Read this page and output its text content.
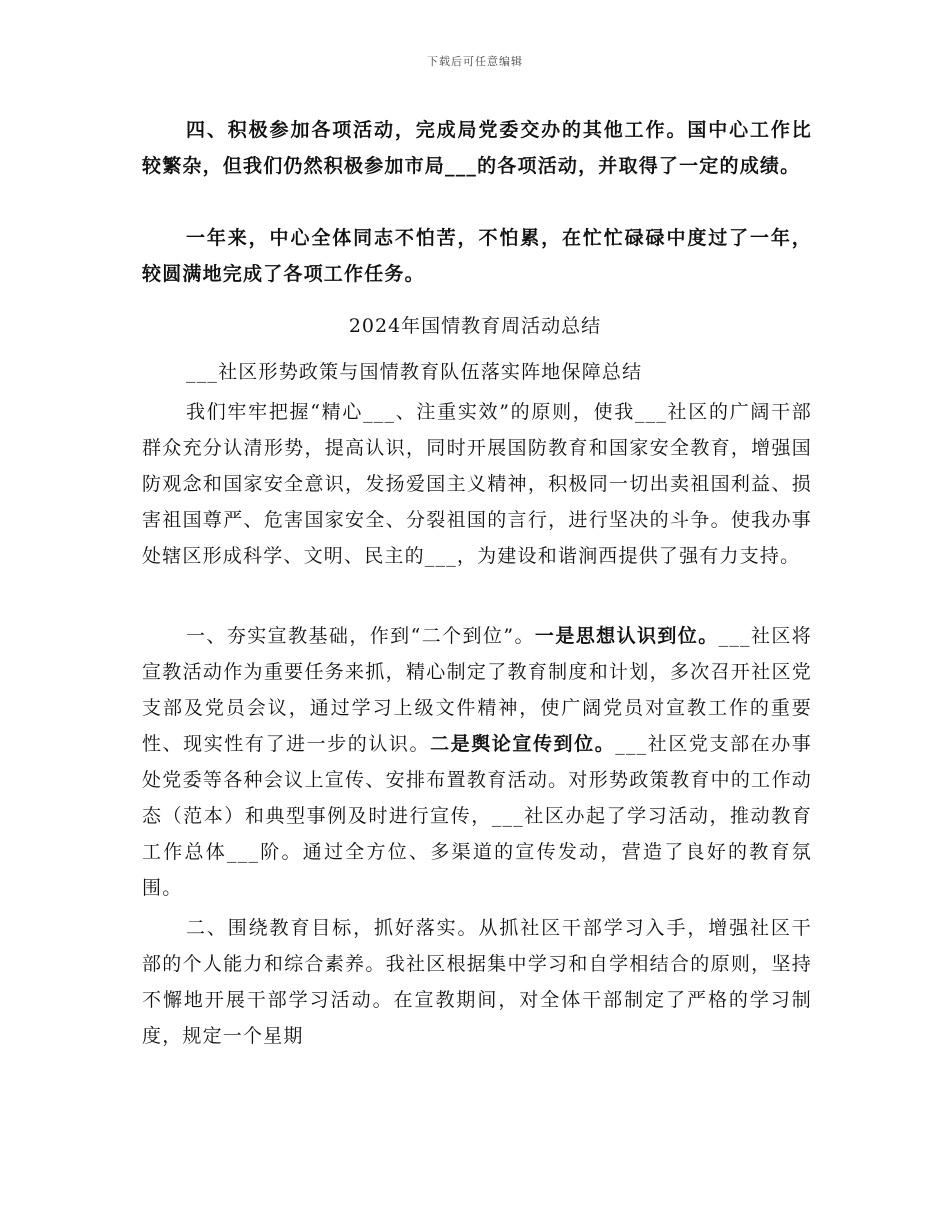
下载后可任意编辑

四、积极参加各项活动，完成局党委交办的其他工作。国中心工作比较繁杂，但我们仍然积极参加市局___的各项活动，并取得了一定的成绩。

一年来，中心全体同志不怕苦，不怕累，在忙忙碌碌中度过了一年，较圆满地完成了各项工作任务。

2024年国情教育周活动总结

___社区形势政策与国情教育队伍落实阵地保障总结

我们牢牢把握“精心___、注重实效”的原则，使我___社区的广阔干部群众充分认清形势，提高认识，同时开展国防教育和国家安全教育，增强国防观念和国家安全意识，发扬爱国主义精神，积极同一切出卖祖国利益、损害祖国尊严、危害国家安全、分裂祖国的言行，进行坚决的斗争。使我办事处辖区形成科学、文明、民主的___，为建设和谐涧西提供了强有力支持。

一、夯实宣教基础，作到“二个到位”。一是思想认识到位。___社区将宣教活动作为重要任务来抓，精心制定了教育制度和计划，多次召开社区党支部及党员会议，通过学习上级文件精神，使广阔党员对宣教工作的重要性、现实性有了进一步的认识。二是舆论宣传到位。___社区党支部在办事处党委等各种会议上宣传、安排布置教育活动。对形势政策教育中的工作动态（范本）和典型事例及时进行宣传，___社区办起了学习活动，推动教育工作总体___阶。通过全方位、多渠道的宣传发动，营造了良好的教育氛围。

二、围绕教育目标，抓好落实。从抓社区干部学习入手，增强社区干部的个人能力和综合素养。我社区根据集中学习和自学相结合的原则，坚持不懈地开展干部学习活动。在宣教期间，对全体干部制定了严格的学习制度，规定一个星期
